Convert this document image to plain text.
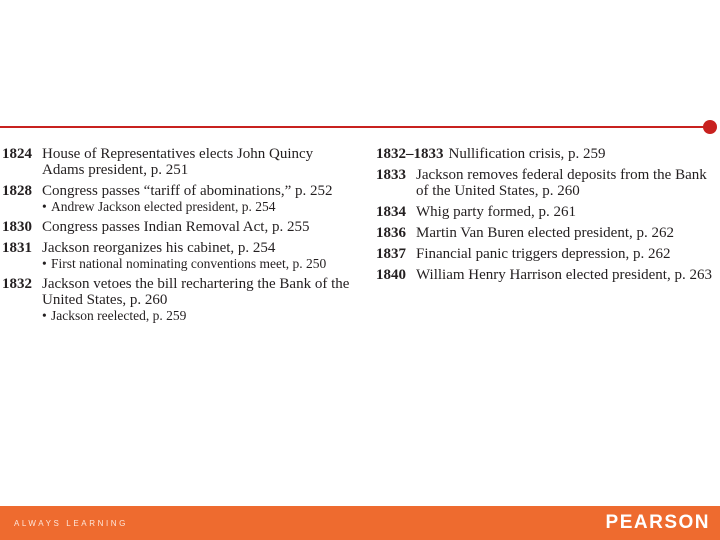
1824 House of Representatives elects John Quincy Adams president, p. 251
1828 Congress passes “tariff of abominations,” p. 252
• Andrew Jackson elected president, p. 254
1830 Congress passes Indian Removal Act, p. 255
1831 Jackson reorganizes his cabinet, p. 254
• First national nominating conventions meet, p. 250
1832 Jackson vetoes the bill rechartering the Bank of the United States, p. 260
• Jackson reelected, p. 259
1832–1833 Nullification crisis, p. 259
1833 Jackson removes federal deposits from the Bank of the United States, p. 260
1834 Whig party formed, p. 261
1836 Martin Van Buren elected president, p. 262
1837 Financial panic triggers depression, p. 262
1840 William Henry Harrison elected president, p. 263
ALWAYS LEARNING	PEARSON
